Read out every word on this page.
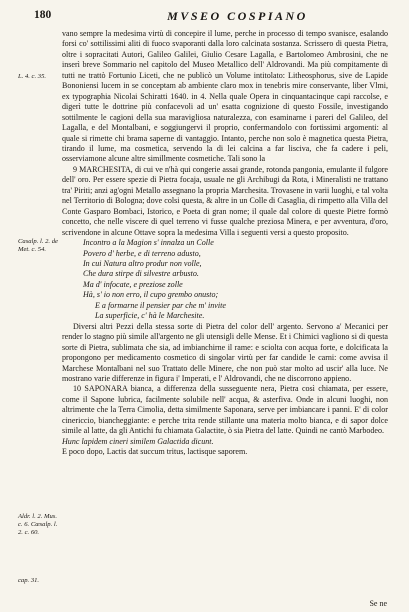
180	MVSEO COSPIANO
L. 4. c. 35.
Casalp. l. 2. de Met. c. 54.
Aldr. l. 2. Mus. c. 6. Cæsalp. l. 2. c. 60.
cap. 31.

vano sempre la medesima virtù di concepire il lume, perche in processo di tempo svanisce, esalando forsi co' sottilissimi aliti di fuoco svaporanti dalla loro calcinata sostanza. Scrissero di questa Pietra, oltre i sopracitati Autori, Galileo Galilei, Giulio Cesare Lagalla, e Bartolomeo Ambrosini, che ne inserì breve Sommario nel capitolo del Museo Metallico dell' Aldrovandi. Ma più compitamente di tutti ne trattò Fortunio Liceti, che ne publicò un Volume intitolato: Litheosphorus, sive de Lapide Bononiensi lucem in se conceptam ab ambiente claro mox in tenebris mire conservante, liber Vlmi, ex typographia Nicolai Schiratti 1640. in 4. Nella quale Opera in cinquantacinque capi raccolse, e digerì tutte le dottrine più confacevoli ad un' esatta cognizione di questo Fossile, investigando sottilmente le cagioni della sua maravigliosa naturalezza, con esaminarne i pareri del Galileo, del Lagalla, e del Montalbani, e soggiungervi il proprio, confermandolo con fortissimi argomenti: al quale si rimette chi brama saperne di vantaggio. Intanto, perche non solo è magnetica questa Pietra, tirando il lume, ma cosmetica, servendo la di lei calcina a far lisciva, che fa cadere i peli, osserviamone alcune altre simillmente cosmetiche. Tali sono la

9 MARCHESITA, di cui ve n'hà qui congerie assai grande, rotonda pangonia, emulante il fulgore dell' oro. Per essere spezie di Pietra focaja, usuale ne gli Archibugi da Rota, i Mineralisti ne trattano tra' Piriti; anzi ag'ogni Metallo assegnano la propria Marchesita. Trovasene in varii luoghi, e tal volta nel Territorio di Bologna; dove colsi questa, & altre in un Colle di Casaglia, di rimpetto alla Villa del Conte Gasparo Bombaci, Istorico, e Poeta di gran nome; il quale dal colore di queste Pietre formò concetto, che nelle viscere di quel terreno vi fusse qualche preziosa Minera, e per avventura, d'oro, scrivendone in alcune Ottave sopra la medesima Villa i seguenti versi a questo proposito.

Incontro a la Magion s' innalza un Colle
Povero d' herbe, e di terreno adusto,
In cui Natura altro produr non volle,
Che dura stirpe di silvestre arbusto.
Ma d' infocate, e preziose zolle
Hà, s' io non erro, il cupo grembo onusto;
E a formarne il pensier par che m' invite
La superficie, c' hà le Marchesite.

Diversi altri Pezzi della stessa sorte di Pietra del color dell' argento. Servono a' Mecanici per render lo stagno più simile all'argento ne gli utensigli delle Mense. Et i Chimici vagliono si di questa sorte di Pietra, sublimata che sia, ad imbianchirne il rame: e sciolta con acqua forte, e dolcificata la propongono per medicamento cosmetico di singolar virtù per far candide le carni: come avvisa il Marchese Montalbani nel suo Trattato delle Minere, che non può star molto ad uscir' alla luce. Ne mostrano varie differenze in figura i' Imperati, e l' Aldrovandi, che ne discorrono appieno.

10 SAPONARA bianca, a differenza della susseguente nera, Pietra così chiamata, per essere, come il Sapone lubrica, facilmente solubile nell' acqua, & asterfiva. Onde in alcuni luoghi, non altrimente che la Terra Cimolia, detta similmente Saponara, serve per imbiancare i panni. E' di color cinericcio, biancheggiante: e perche trita rende stillante una materia molto bianca, e di sapor dolce simile al latte, da gli Antichi fu chiamata Galactite, ò sia Pietra del latte. Quindi ne cantò Marbodeo.

Hunc lapidem cineri similem Galactida dicunt.

E poco dopo, Lactis dat succum tritus, lactisque saporem.

Se ne
